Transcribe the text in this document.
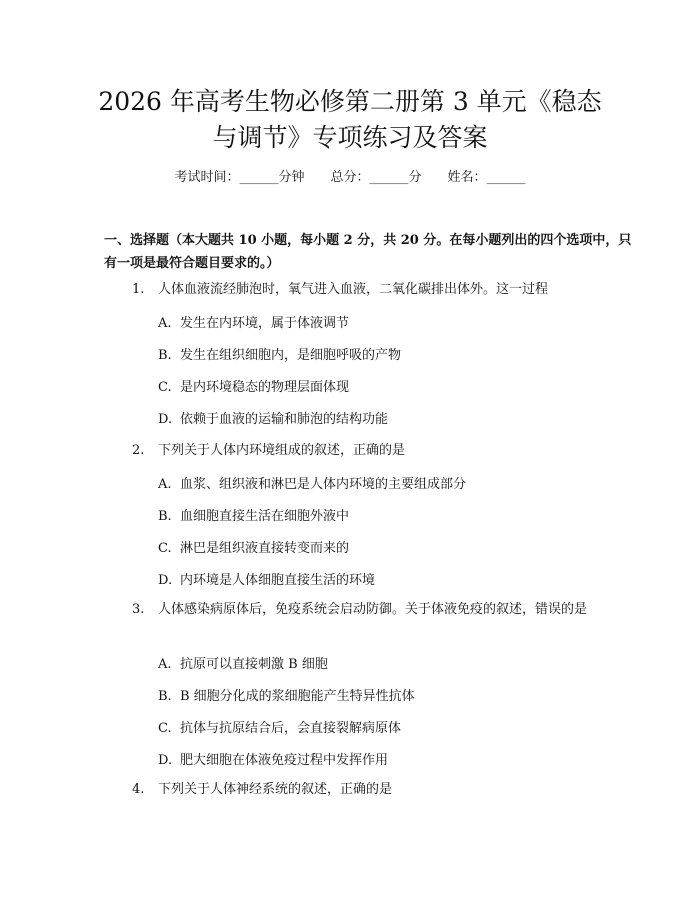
2026 年高考生物必修第二册第 3 单元《稳态
与调节》专项练习及答案
考试时间：______分钟 总分：______分 姓名：______

一、选择题（本大题共 10 小题，每小题 2 分，共 20 分。在每小题列出的四个选项中，只有一项是最符合题目要求的。）

1. 人体血液流经肺泡时，氧气进入血液，二氧化碳排出体外。这一过程

A. 发生在内环境，属于体液调节

B. 发生在组织细胞内，是细胞呼吸的产物

C. 是内环境稳态的物理层面体现

D. 依赖于血液的运输和肺泡的结构功能

2. 下列关于人体内环境组成的叙述，正确的是

A. 血浆、组织液和淋巴是人体内环境的主要组成部分

B. 血细胞直接生活在细胞外液中

C. 淋巴是组织液直接转变而来的

D. 内环境是人体细胞直接生活的环境

3. 人体感染病原体后，免疫系统会启动防御。关于体液免疫的叙述，错误的是

A. 抗原可以直接刺激 B 细胞

B. B 细胞分化成的浆细胞能产生特异性抗体

C. 抗体与抗原结合后，会直接裂解病原体

D. 肥大细胞在体液免疫过程中发挥作用

4. 下列关于人体神经系统的叙述，正确的是
